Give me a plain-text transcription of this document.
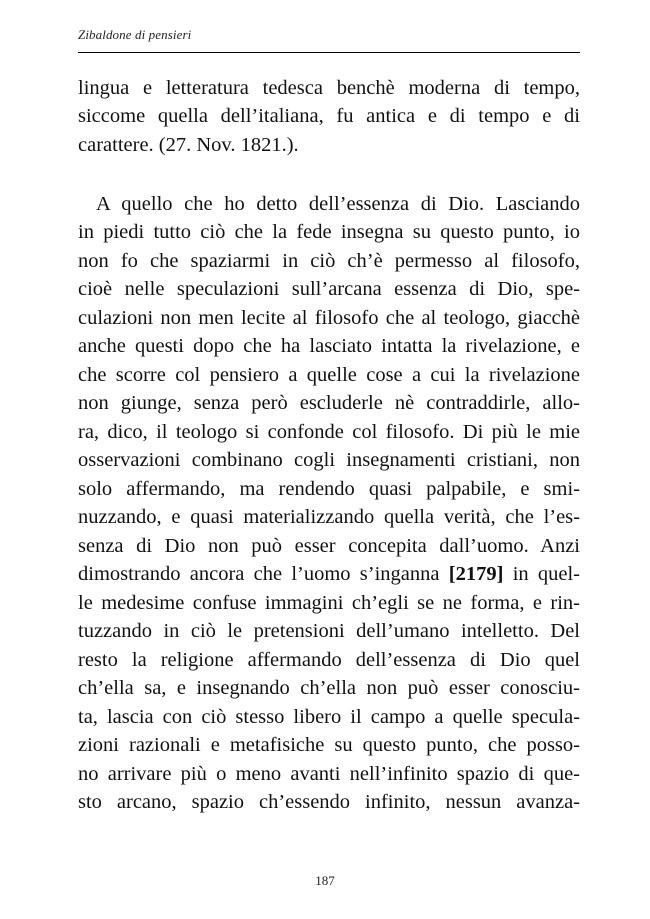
Zibaldone di pensieri
lingua e letteratura tedesca benchè moderna di tempo,
siccome quella dell’italiana, fu antica e di tempo e di
carattere. (27. Nov. 1821.).
A quello che ho detto dell’essenza di Dio. Lasciando
in piedi tutto ciò che la fede insegna su questo punto, io
non fo che spaziarmi in ciò ch’è permesso al filosofo,
cioè nelle speculazioni sull’arcana essenza di Dio, spe-
culazioni non men lecite al filosofo che al teologo, giacchè
anche questi dopo che ha lasciato intatta la rivelazione, e
che scorre col pensiero a quelle cose a cui la rivelazione
non giunge, senza però escluderle nè contraddirle, allo-
ra, dico, il teologo si confonde col filosofo. Di più le mie
osservazioni combinano cogli insegnamenti cristiani, non
solo affermando, ma rendendo quasi palpabile, e smi-
nuzzando, e quasi materializzando quella verità, che l’es-
senza di Dio non può esser concepita dall’uomo. Anzi
dimostrando ancora che l’uomo s’inganna [2179] in quel-
le medesime confuse immagini ch’egli se ne forma, e rin-
tuzzando in ciò le pretensioni dell’umano intelletto. Del
resto la religione affermando dell’essenza di Dio quel
ch’ella sa, e insegnando ch’ella non può esser conosciu-
ta, lascia con ciò stesso libero il campo a quelle specula-
zioni razionali e metafisiche su questo punto, che posso-
no arrivare più o meno avanti nell’infinito spazio di que-
sto arcano, spazio ch’essendo infinito, nessun avanza-
187
